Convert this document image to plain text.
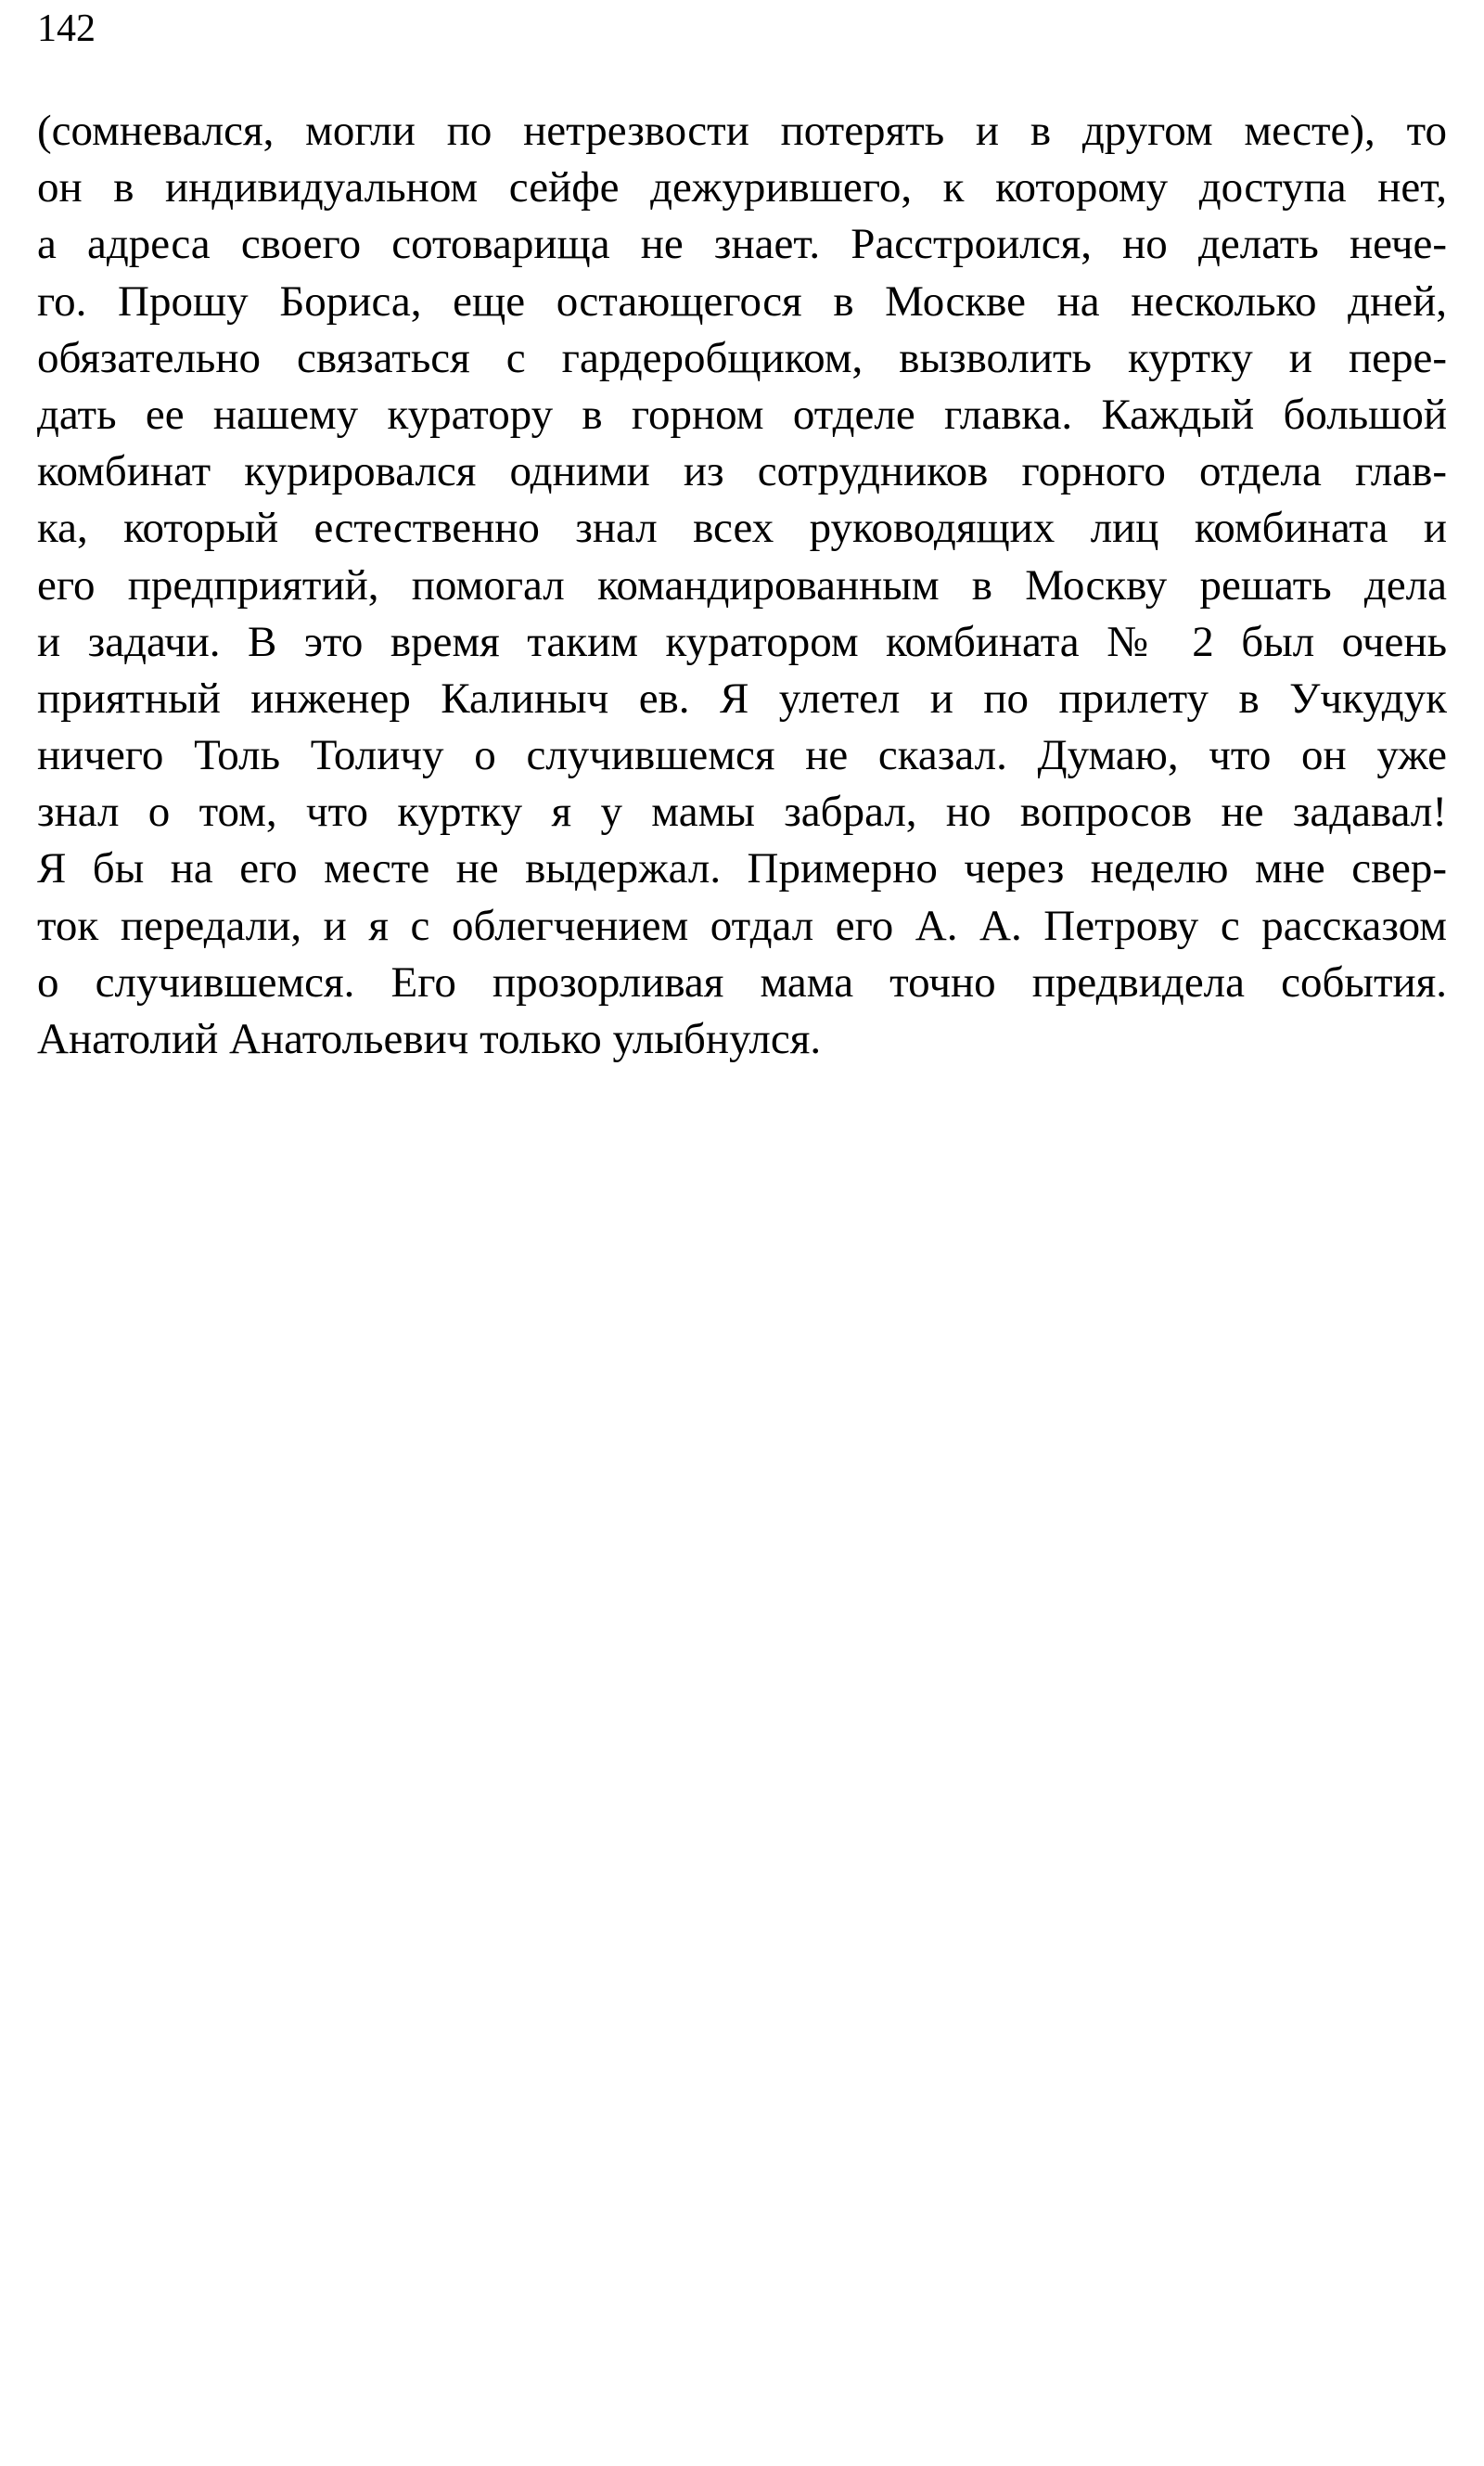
142
(сомневался, могли по нетрезвости потерять и в другом месте), то
он в индивидуальном сейфе дежурившего, к которому доступа нет,
а адреса своего сотоварища не знает. Расстроился, но делать нече-
го. Прошу Бориса, еще остающегося в Москве на несколько дней,
обязательно связаться с гардеробщиком, вызволить куртку и пере-
дать ее нашему куратору в горном отделе главка. Каждый большой
комбинат курировался одними из сотрудников горного отдела глав-
ка, который естественно знал всех руководящих лиц комбината и
его предприятий, помогал командированным в Москву решать дела
и задачи. В это время таким куратором комбината № 2 был очень
приятный инженер Калиныч ев. Я улетел и по прилету в Учкудук
ничего Толь Толичу о случившемся не сказал. Думаю, что он уже
знал о том, что куртку я у мамы забрал, но вопросов не задавал!
Я бы на его месте не выдержал. Примерно через неделю мне свер-
ток передали, и я с облегчением отдал его А. А. Петрову с рассказом
о случившемся. Его прозорливая мама точно предвидела события.
Анатолий Анатольевич только улыбнулся.
